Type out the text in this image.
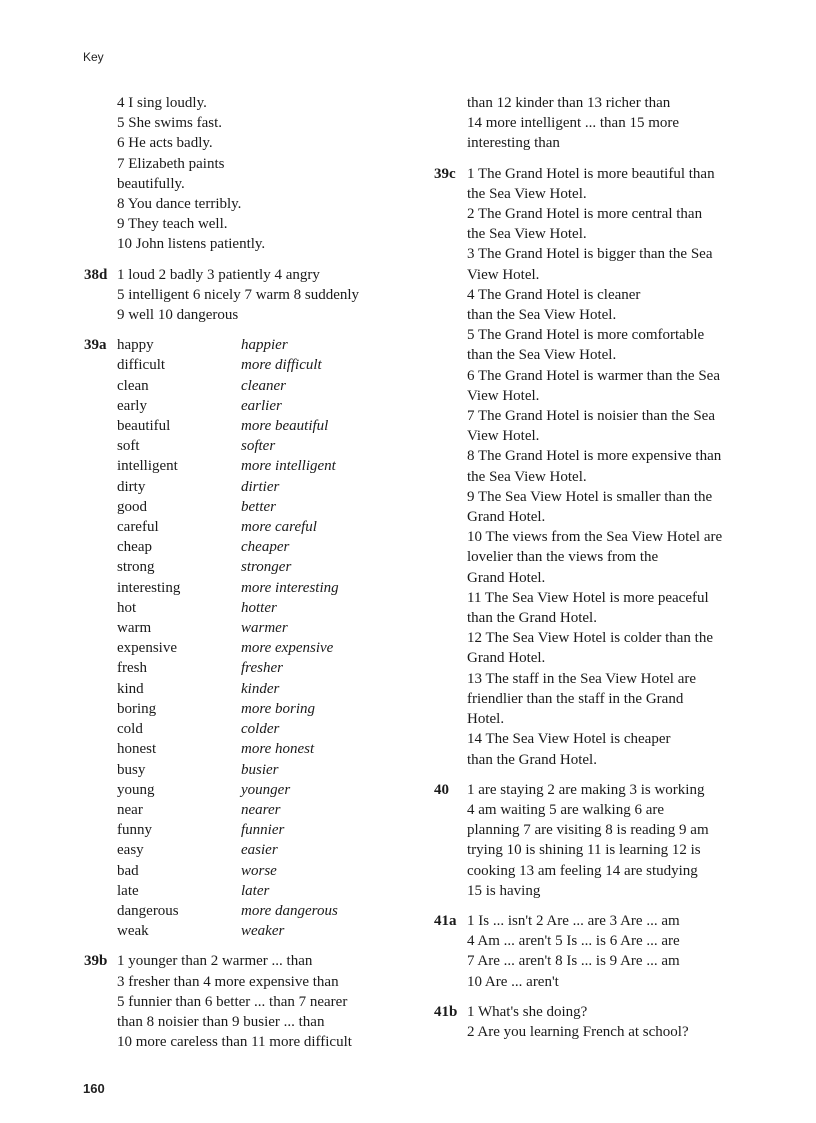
Key
4 I sing loudly.
5 She swims fast.
6 He acts badly.
7 Elizabeth paints
beautifully.
8 You dance terribly.
9 They teach well.
10 John listens patiently.
38d 1 loud 2 badly 3 patiently 4 angry
5 intelligent 6 nicely 7 warm 8 suddenly
9 well 10 dangerous
39a happy	happier
difficult	more difficult
clean	cleaner
early	earlier
beautiful	more beautiful
soft	softer
intelligent	more intelligent
dirty	dirtier
good	better
careful	more careful
cheap	cheaper
strong	stronger
interesting	more interesting
hot	hotter
warm	warmer
expensive	more expensive
fresh	fresher
kind	kinder
boring	more boring
cold	colder
honest	more honest
busy	busier
young	younger
near	nearer
funny	funnier
easy	easier
bad	worse
late	later
dangerous	more dangerous
weak	weaker
39b 1 younger than 2 warmer ... than
3 fresher than 4 more expensive than
5 funnier than 6 better ... than 7 nearer
than 8 noisier than 9 busier ... than
10 more careless than 11 more difficult
than 12 kinder than 13 richer than
14 more intelligent ... than 15 more
interesting than
39c 1 The Grand Hotel is more beautiful than
the Sea View Hotel.
2 The Grand Hotel is more central than
the Sea View Hotel.
3 The Grand Hotel is bigger than the Sea
View Hotel.
4 The Grand Hotel is cleaner
than the Sea View Hotel.
5 The Grand Hotel is more comfortable
than the Sea View Hotel.
6 The Grand Hotel is warmer than the Sea
View Hotel.
7 The Grand Hotel is noisier than the Sea
View Hotel.
8 The Grand Hotel is more expensive than
the Sea View Hotel.
9 The Sea View Hotel is smaller than the
Grand Hotel.
10 The views from the Sea View Hotel are
lovelier than the views from the
Grand Hotel.
11 The Sea View Hotel is more peaceful
than the Grand Hotel.
12 The Sea View Hotel is colder than the
Grand Hotel.
13 The staff in the Sea View Hotel are
friendlier than the staff in the Grand
Hotel.
14 The Sea View Hotel is cheaper
than the Grand Hotel.
40 1 are staying 2 are making 3 is working
4 am waiting 5 are walking 6 are
planning 7 are visiting 8 is reading 9 am
trying 10 is shining 11 is learning 12 is
cooking 13 am feeling 14 are studying
15 is having
41a 1 Is ... isn't 2 Are ... are 3 Are ... am
4 Am ... aren't 5 Is ... is 6 Are ... are
7 Are ... aren't 8 Is ... is 9 Are ... am
10 Are ... aren't
41b 1 What's she doing?
2 Are you learning French at school?
160
